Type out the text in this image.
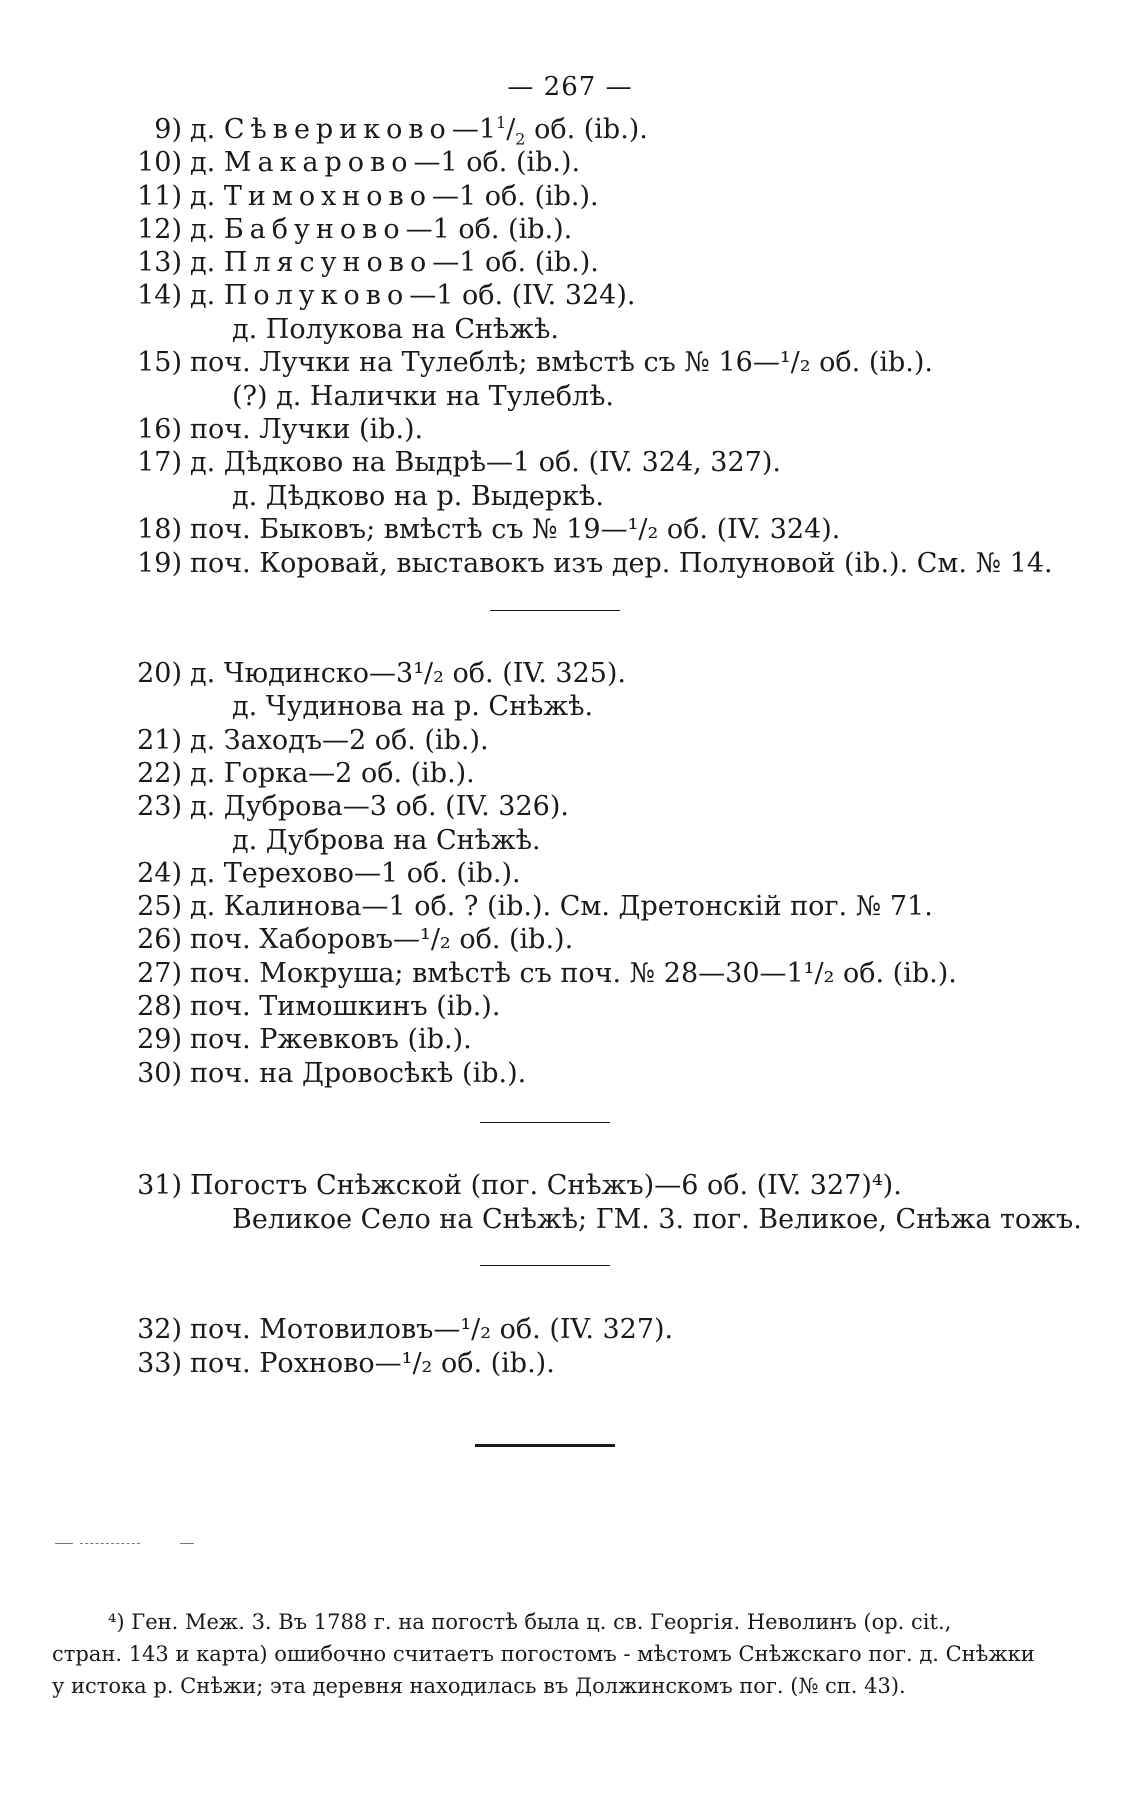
— 267 —
9) д. $Сѣвериково—1^1/_2$ об. (ib.).
10) д. Макарово—1 об. (ib.).
11) д. Тимохново—1 об. (ib.).
12) д. Бабуново—1 об. (ib.).
13) д. Плясуново—1 об. (ib.).
14) д. Полуково—1 об. (IV. 324).
д. Полукова на Снѣжѣ.
15) поч. Лучки на Тулеблѣ; вмѣстѣ съ № 16—¹/₂ об. (ib.).
(?) д. Налички на Тулеблѣ.
16) поч. Лучки (ib.).
17) д. Дѣдково на Выдрѣ—1 об. (IV. 324, 327).
д. Дѣдково на р. Выдеркѣ.
18) поч. Быковъ; вмѣстѣ съ № 19—¹/₂ об. (IV. 324).
19) поч. Коровай, выставокъ изъ дер. Полуновой (ib.). См. № 14.
20) д. Чюдинско—3¹/₂ об. (IV. 325).
д. Чудинова на р. Снѣжѣ.
21) д. Заходъ—2 об. (ib.).
22) д. Горка—2 об. (ib.).
23) д. Дуброва—3 об. (IV. 326).
д. Дуброва на Снѣжѣ.
24) д. Терехово—1 об. (ib.).
25) д. Калинова—1 об. ? (ib.). См. Дретонскій пог. № 71.
26) поч. Хаборовъ—¹/₂ об. (ib.).
27) поч. Мокруша; вмѣстѣ съ поч. № 28—30—1¹/₂ об. (ib.).
28) поч. Тимошкинъ (ib.).
29) поч. Ржевковъ (ib.).
30) поч. на Дровосѣкѣ (ib.).
31) Погостъ Снѣжской (пог. Снѣжъ)—6 об. (IV. 327)⁴).
Великое Село на Снѣжѣ; ГМ. 3. пог. Великое, Снѣжа тожъ.
32) поч. Мотовиловъ—¹/₂ об. (IV. 327).
33) поч. Рохново—¹/₂ об. (ib.).
⁴) Ген. Меж. 3. Въ 1788 г. на погостѣ была ц. св. Георгія. Неволинъ (ор. cit.,
стран. 143 и карта) ошибочно считаетъ погостомъ - мѣстомъ Снѣжскаго пог. д. Снѣжки
у истока р. Снѣжи; эта деревня находилась въ Должинскомъ пог. (№ сп. 43).
